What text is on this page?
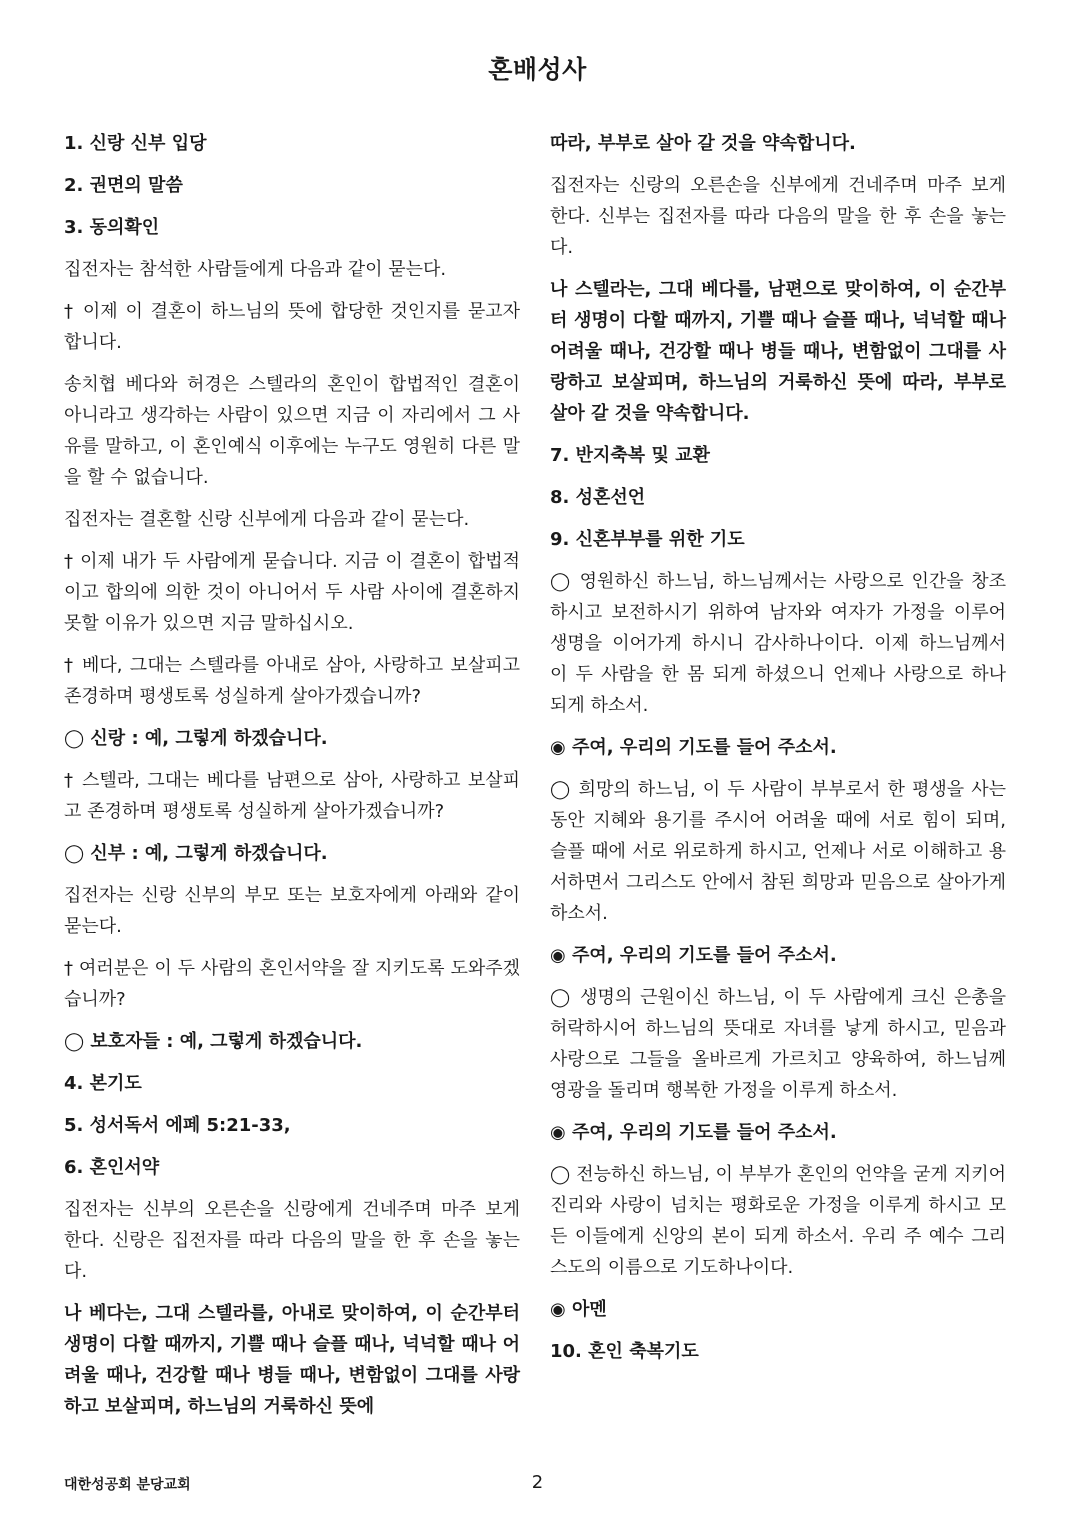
혼배성사
1. 신랑 신부 입당
2. 권면의 말씀
3. 동의확인
집전자는 참석한 사람들에게 다음과 같이 묻는다.
† 이제 이 결혼이 하느님의 뜻에 합당한 것인지를 묻고자 합니다.
송치협 베다와 허경은 스텔라의 혼인이 합법적인 결혼이 아니라고 생각하는 사람이 있으면 지금 이 자리에서 그 사유를 말하고, 이 혼인예식 이후에는 누구도 영원히 다른 말을 할 수 없습니다.
집전자는 결혼할 신랑 신부에게 다음과 같이 묻는다.
† 이제 내가 두 사람에게 묻습니다. 지금 이 결혼이 합법적이고 합의에 의한 것이 아니어서 두 사람 사이에 결혼하지 못할 이유가 있으면 지금 말하십시오.
† 베다, 그대는 스텔라를 아내로 삼아, 사랑하고 보살피고 존경하며 평생토록 성실하게 살아가겠습니까?
◯ 신랑 : 예, 그렇게 하겠습니다.
† 스텔라, 그대는 베다를 남편으로 삼아, 사랑하고 보살피고 존경하며 평생토록 성실하게 살아가겠습니까?
◯ 신부 : 예, 그렇게 하겠습니다.
집전자는 신랑 신부의 부모 또는 보호자에게 아래와 같이 묻는다.
† 여러분은 이 두 사람의 혼인서약을 잘 지키도록 도와주겠습니까?
◯ 보호자들 : 예, 그렇게 하겠습니다.
4. 본기도
5. 성서독서 에페 5:21-33,
6. 혼인서약
집전자는 신부의 오른손을 신랑에게 건네주며 마주 보게 한다. 신랑은 집전자를 따라 다음의 말을 한 후 손을 놓는다.
나 베다는, 그대 스텔라를, 아내로 맞이하여, 이 순간부터 생명이 다할 때까지, 기쁠 때나 슬플 때나, 넉넉할 때나 어려울 때나, 건강할 때나 병들 때나, 변함없이 그대를 사랑하고 보살피며, 하느님의 거룩하신 뜻에
따라, 부부로 살아 갈 것을 약속합니다.
집전자는 신랑의 오른손을 신부에게 건네주며 마주 보게 한다. 신부는 집전자를 따라 다음의 말을 한 후 손을 놓는다.
나 스텔라는, 그대 베다를, 남편으로 맞이하여, 이 순간부터 생명이 다할 때까지, 기쁠 때나 슬플 때나, 넉넉할 때나 어려울 때나, 건강할 때나 병들 때나, 변함없이 그대를 사랑하고 보살피며, 하느님의 거룩하신 뜻에 따라, 부부로 살아 갈 것을 약속합니다.
7. 반지축복 및 교환
8. 성혼선언
9. 신혼부부를 위한 기도
◯ 영원하신 하느님, 하느님께서는 사랑으로 인간을 창조하시고 보전하시기 위하여 남자와 여자가 가정을 이루어 생명을 이어가게 하시니 감사하나이다. 이제 하느님께서 이 두 사람을 한 몸 되게 하셨으니 언제나 사랑으로 하나 되게 하소서.
◉ 주여, 우리의 기도를 들어 주소서.
◯ 희망의 하느님, 이 두 사람이 부부로서 한 평생을 사는 동안 지혜와 용기를 주시어 어려울 때에 서로 힘이 되며, 슬플 때에 서로 위로하게 하시고, 언제나 서로 이해하고 용서하면서 그리스도 안에서 참된 희망과 믿음으로 살아가게 하소서.
◉ 주여, 우리의 기도를 들어 주소서.
◯ 생명의 근원이신 하느님, 이 두 사람에게 크신 은총을 허락하시어 하느님의 뜻대로 자녀를 낳게 하시고, 믿음과 사랑으로 그들을 올바르게 가르치고 양육하여, 하느님께 영광을 돌리며 행복한 가정을 이루게 하소서.
◉ 주여, 우리의 기도를 들어 주소서.
◯ 전능하신 하느님, 이 부부가 혼인의 언약을 굳게 지키어 진리와 사랑이 넘치는 평화로운 가정을 이루게 하시고 모든 이들에게 신앙의 본이 되게 하소서. 우리 주 예수 그리스도의 이름으로 기도하나이다.
◉ 아멘
10. 혼인 축복기도
대한성공회 분당교회	2
